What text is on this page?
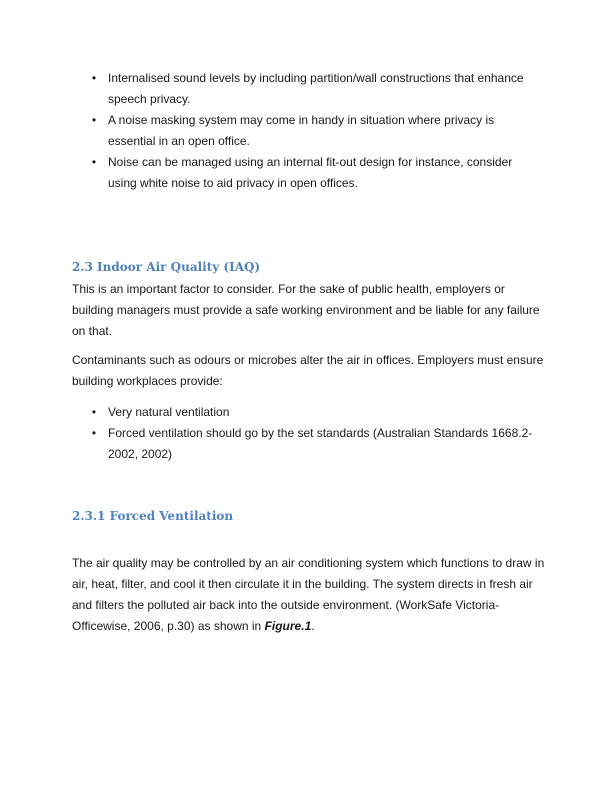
• Internalised sound levels by including partition/wall constructions that enhance speech privacy.
• A noise masking system may come in handy in situation where privacy is essential in an open office.
• Noise can be managed using an internal fit-out design for instance, consider using white noise to aid privacy in open offices.
2.3 Indoor Air Quality (IAQ)

This is an important factor to consider. For the sake of public health, employers or building managers must provide a safe working environment and be liable for any failure on that.

Contaminants such as odours or microbes alter the air in offices. Employers must ensure building workplaces provide:

• Very natural ventilation
• Forced ventilation should go by the set standards (Australian Standards 1668.2-2002, 2002)
2.3.1 Forced Ventilation

The air quality may be controlled by an air conditioning system which functions to draw in air, heat, filter, and cool it then circulate it in the building. The system directs in fresh air and filters the polluted air back into the outside environment. (WorkSafe Victoria-Officewise, 2006, p.30) as shown in Figure.1.
